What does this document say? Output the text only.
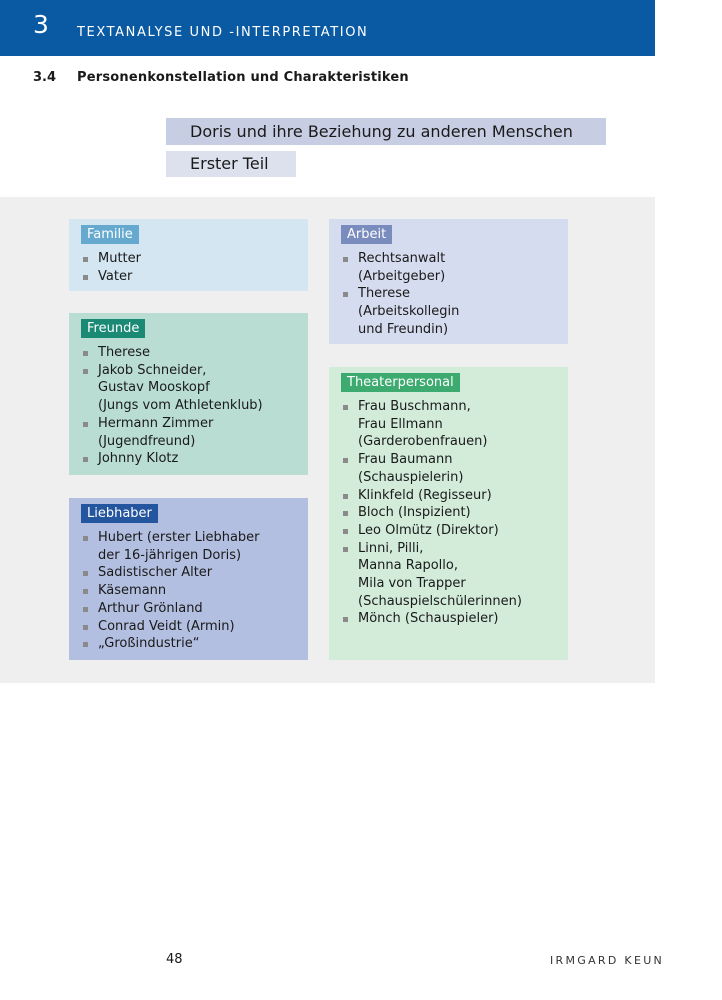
3 TEXTANALYSE UND -INTERPRETATION
3.4 Personenkonstellation und Charakteristiken
Doris und ihre Beziehung zu anderen Menschen
Erster Teil
Familie
Mutter
Vater
Arbeit
Rechtsanwalt
(Arbeitgeber)
Therese
(Arbeitskollegin
und Freundin)
Freunde
Therese
Jakob Schneider,
Gustav Mooskopf
(Jungs vom Athletenklub)
Hermann Zimmer
(Jugendfreund)
Johnny Klotz
Theaterpersonal
Frau Buschmann,
Frau Ellmann
(Garderobenfrauen)
Frau Baumann
(Schauspielerin)
Klinkfeld (Regisseur)
Bloch (Inspizient)
Leo Olmütz (Direktor)
Linni, Pilli,
Manna Rapollo,
Mila von Trapper
(Schauspielschülerinnen)
Mönch (Schauspieler)
Liebhaber
Hubert (erster Liebhaber
der 16-jährigen Doris)
Sadistischer Alter
Käsemann
Arthur Grönland
Conrad Veidt (Armin)
„Großindustrie“
48	IRMGARD KEUN
